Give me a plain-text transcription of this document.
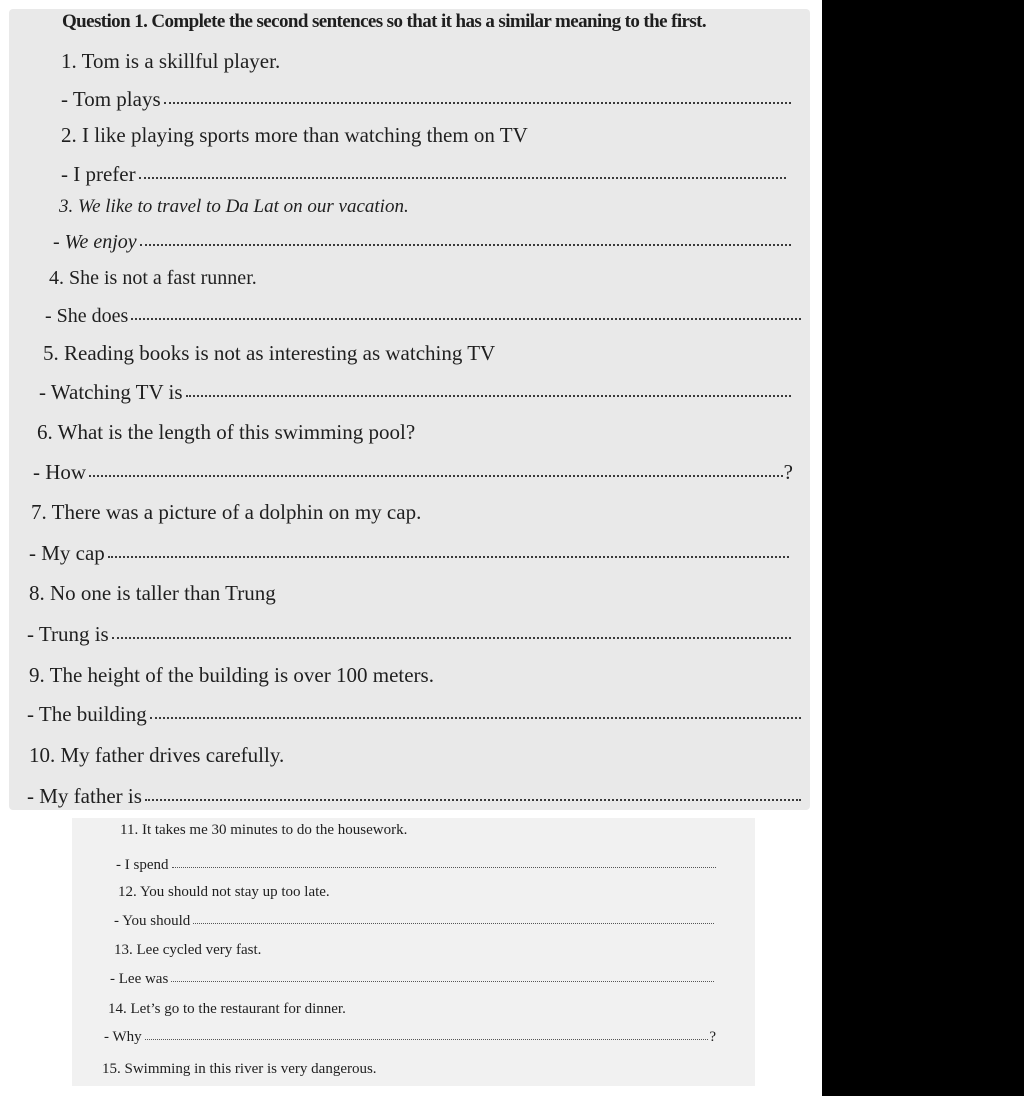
Question 1. Complete the second sentences so that it has a similar meaning to the first.
1. Tom is a skillful player.
- Tom plays
2. I like playing sports more than watching them on TV
- I prefer
3. We like to travel to Da Lat on our vacation.
- We enjoy
4. She is not a fast runner.
- She does
5. Reading books is not as interesting as watching TV
- Watching TV is
6. What is the length of this swimming pool?
- How	?
7. There was a picture of a dolphin on my cap.
- My cap
8. No one is taller than Trung
- Trung is
9. The height of the building is over 100 meters.
- The building
10. My father drives carefully.
- My father is
11. It takes me 30 minutes to do the housework.
- I spend
12. You should not stay up too late.
- You should
13. Lee cycled very fast.
- Lee was
14. Let’s go to the restaurant for dinner.
- Why	?
15. Swimming in this river is very dangerous.
